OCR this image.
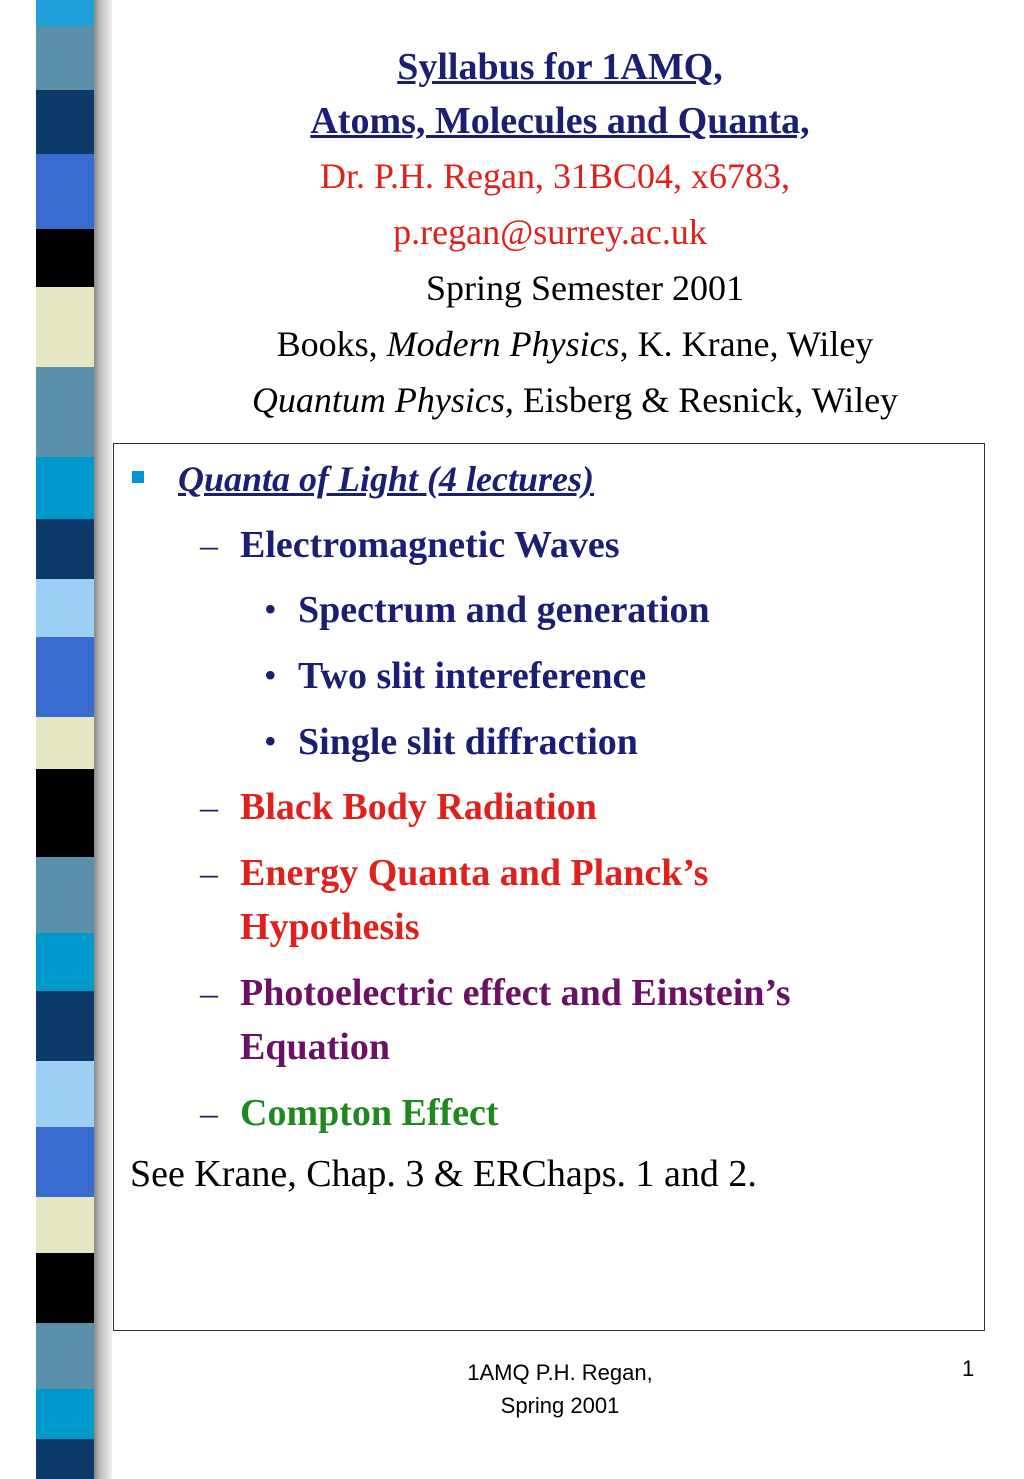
Syllabus for 1AMQ,
Atoms, Molecules and Quanta,
Dr. P.H. Regan, 31BC04, x6783,
p.regan@surrey.ac.uk
Spring Semester 2001
Books, Modern Physics, K. Krane, Wiley
Quantum Physics, Eisberg & Resnick, Wiley
Quanta of Light (4 lectures)
– Electromagnetic Waves
• Spectrum and generation
• Two slit intereference
• Single slit diffraction
– Black Body Radiation
– Energy Quanta and Planck’s
Hypothesis
– Photoelectric effect and Einstein’s
Equation
– Compton Effect
See Krane, Chap. 3 & ERChaps. 1 and 2.
1AMQ P.H. Regan,
Spring 2001
1
